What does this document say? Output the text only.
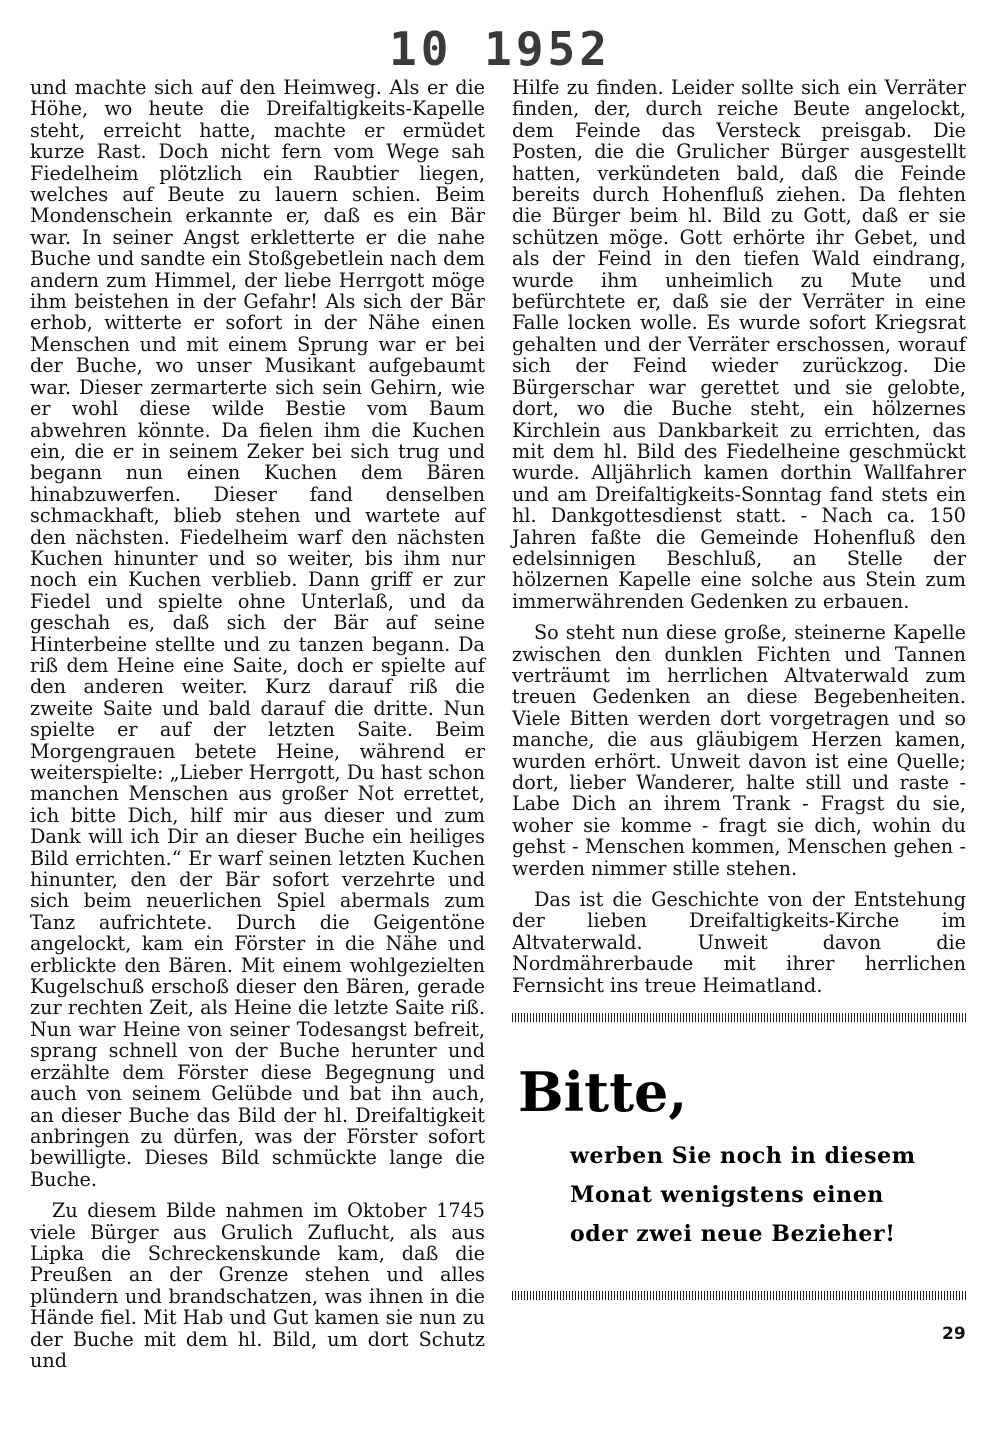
10 1952

und machte sich auf den Heimweg. Als er die Höhe, wo heute die Dreifaltigkeits-Kapelle steht, erreicht hatte, machte er ermüdet kurze Rast. Doch nicht fern vom Wege sah Fiedelheim plötzlich ein Raubtier liegen, welches auf Beute zu lauern schien. Beim Mondenschein erkannte er, daß es ein Bär war. In seiner Angst erkletterte er die nahe Buche und sandte ein Stoßgebetlein nach dem andern zum Himmel, der liebe Herrgott möge ihm beistehen in der Gefahr! Als sich der Bär erhob, witterte er sofort in der Nähe einen Menschen und mit einem Sprung war er bei der Buche, wo unser Musikant aufgebaumt war. Dieser zermarterte sich sein Gehirn, wie er wohl diese wilde Bestie vom Baum abwehren könnte. Da fielen ihm die Kuchen ein, die er in seinem Zeker bei sich trug und begann nun einen Kuchen dem Bären hinabzuwerfen. Dieser fand denselben schmackhaft, blieb stehen und wartete auf den nächsten. Fiedelheim warf den nächsten Kuchen hinunter und so weiter, bis ihm nur noch ein Kuchen verblieb. Dann griff er zur Fiedel und spielte ohne Unterlaß, und da geschah es, daß sich der Bär auf seine Hinterbeine stellte und zu tanzen begann. Da riß dem Heine eine Saite, doch er spielte auf den anderen weiter. Kurz darauf riß die zweite Saite und bald darauf die dritte. Nun spielte er auf der letzten Saite. Beim Morgengrauen betete Heine, während er weiterspielte: „Lieber Herrgott, Du hast schon manchen Menschen aus großer Not errettet, ich bitte Dich, hilf mir aus dieser und zum Dank will ich Dir an dieser Buche ein heiliges Bild errichten.“ Er warf seinen letzten Kuchen hinunter, den der Bär sofort verzehrte und sich beim neuerlichen Spiel abermals zum Tanz aufrichtete. Durch die Geigentöne angelockt, kam ein Förster in die Nähe und erblickte den Bären. Mit einem wohlgezielten Kugelschuß erschoß dieser den Bären, gerade zur rechten Zeit, als Heine die letzte Saite riß. Nun war Heine von seiner Todesangst befreit, sprang schnell von der Buche herunter und erzählte dem Förster diese Begegnung und auch von seinem Gelübde und bat ihn auch, an dieser Buche das Bild der hl. Dreifaltigkeit anbringen zu dürfen, was der Förster sofort bewilligte. Dieses Bild schmückte lange die Buche.

Zu diesem Bilde nahmen im Oktober 1745 viele Bürger aus Grulich Zuflucht, als aus Lipka die Schreckenskunde kam, daß die Preußen an der Grenze stehen und alles plündern und brandschatzen, was ihnen in die Hände fiel. Mit Hab und Gut kamen sie nun zu der Buche mit dem hl. Bild, um dort Schutz und

Hilfe zu finden. Leider sollte sich ein Verräter finden, der, durch reiche Beute angelockt, dem Feinde das Versteck preisgab. Die Posten, die die Grulicher Bürger ausgestellt hatten, verkündeten bald, daß die Feinde bereits durch Hohenfluß ziehen. Da flehten die Bürger beim hl. Bild zu Gott, daß er sie schützen möge. Gott erhörte ihr Gebet, und als der Feind in den tiefen Wald eindrang, wurde ihm unheimlich zu Mute und befürchtete er, daß sie der Verräter in eine Falle locken wolle. Es wurde sofort Kriegsrat gehalten und der Verräter erschossen, worauf sich der Feind wieder zurückzog. Die Bürgerschar war gerettet und sie gelobte, dort, wo die Buche steht, ein hölzernes Kirchlein aus Dankbarkeit zu errichten, das mit dem hl. Bild des Fiedelheine geschmückt wurde. Alljährlich kamen dorthin Wallfahrer und am Dreifaltigkeits-Sonntag fand stets ein hl. Dankgottesdienst statt. - Nach ca. 150 Jahren faßte die Gemeinde Hohenfluß den edelsinnigen Beschluß, an Stelle der hölzernen Kapelle eine solche aus Stein zum immerwährenden Gedenken zu erbauen.

So steht nun diese große, steinerne Kapelle zwischen den dunklen Fichten und Tannen verträumt im herrlichen Altvaterwald zum treuen Gedenken an diese Begebenheiten. Viele Bitten werden dort vorgetragen und so manche, die aus gläubigem Herzen kamen, wurden erhört. Unweit davon ist eine Quelle; dort, lieber Wanderer, halte still und raste - Labe Dich an ihrem Trank - Fragst du sie, woher sie komme - fragt sie dich, wohin du gehst - Menschen kommen, Menschen gehen - werden nimmer stille stehen.

Das ist die Geschichte von der Entstehung der lieben Dreifaltigkeits-Kirche im Altvaterwald. Unweit davon die Nordmährerbaude mit ihrer herrlichen Fernsicht ins treue Heimatland.

Bitte,
werben Sie noch in diesem
Monat wenigstens einen
oder zwei neue Bezieher!
29
